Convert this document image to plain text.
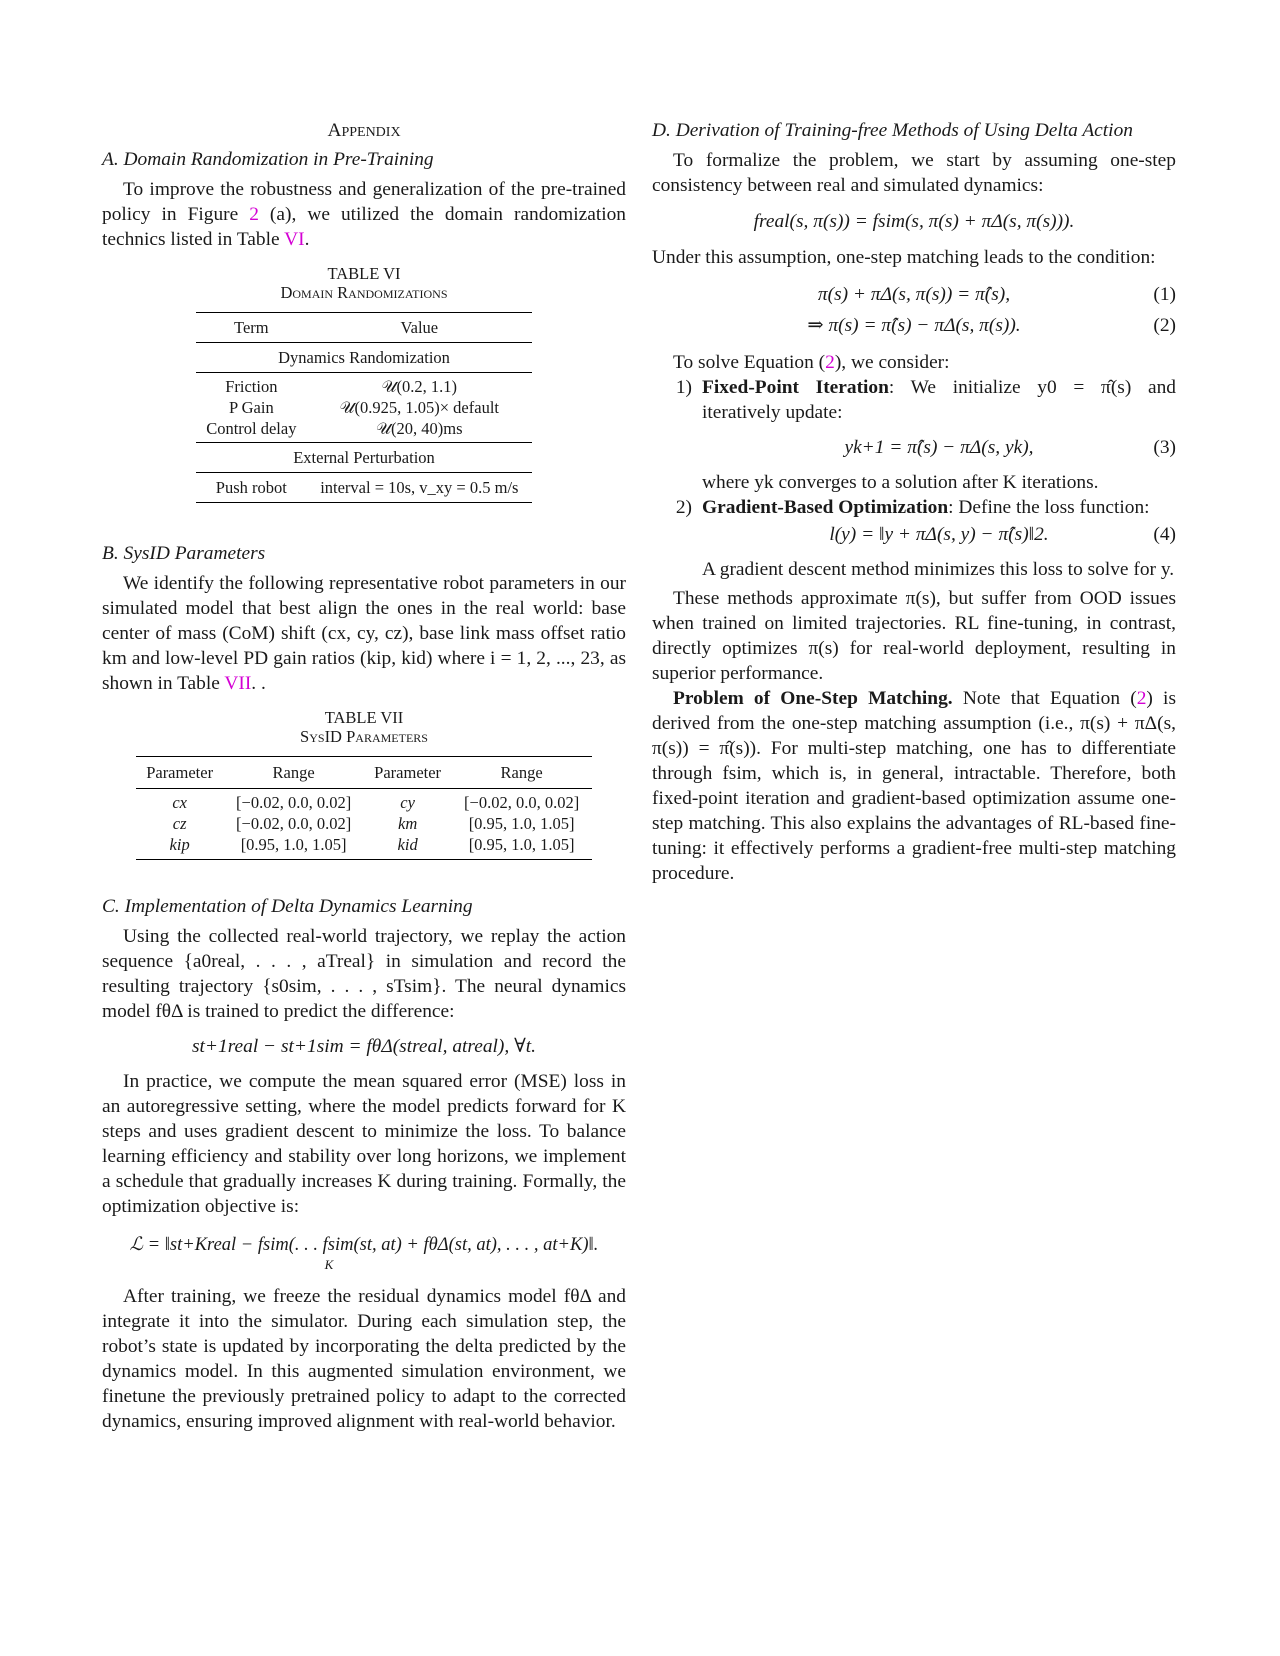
Appendix
A. Domain Randomization in Pre-Training

To improve the robustness and generalization of the pre-trained policy in Figure 2 (a), we utilized the domain randomization technics listed in Table VI.

TABLE VI
Domain Randomizations
Term	Value
Dynamics Randomization	
Friction	𝒰(0.2, 1.1)
P Gain	𝒰(0.925, 1.05)× default
Control delay	𝒰(20, 40)ms
External Perturbation	
Push robot	interval = 10s, v_xy = 0.5 m/s
B. SysID Parameters

We identify the following representative robot parameters in our simulated model that best align the ones in the real world: base center of mass (CoM) shift (cx, cy, cz), base link mass offset ratio km and low-level PD gain ratios (kip, kid) where i = 1, 2, ..., 23, as shown in Table VII. .

TABLE VII
SysID Parameters
Parameter	Range	Parameter	Range
cx	[−0.02, 0.0, 0.02]	cy	[−0.02, 0.0, 0.02]
cz	[−0.02, 0.0, 0.02]	km	[0.95, 1.0, 1.05]
kip	[0.95, 1.0, 1.05]	kid	[0.95, 1.0, 1.05]
C. Implementation of Delta Dynamics Learning

Using the collected real-world trajectory, we replay the action sequence {a0real, . . . , aTreal} in simulation and record the resulting trajectory {s0sim, . . . , sTsim}. The neural dynamics model fθΔ is trained to predict the difference:

st+1real − st+1sim = fθΔ(streal, atreal), ∀t.

In practice, we compute the mean squared error (MSE) loss in an autoregressive setting, where the model predicts forward for K steps and uses gradient descent to minimize the loss. To balance learning efficiency and stability over long horizons, we implement a schedule that gradually increases K during training. Formally, the optimization objective is:

ℒ = ‖st+Kreal − fsim(. . . fsim(st, at) + fθΔ(st, at), . . . , at+K)‖.
K

After training, we freeze the residual dynamics model fθΔ and integrate it into the simulator. During each simulation step, the robot’s state is updated by incorporating the delta predicted by the dynamics model. In this augmented simulation environment, we finetune the previously pretrained policy to adapt to the corrected dynamics, ensuring improved alignment with real-world behavior.

D. Derivation of Training-free Methods of Using Delta Action

To formalize the problem, we start by assuming one-step consistency between real and simulated dynamics:

freal(s, π(s)) = fsim(s, π(s) + πΔ(s, π(s))).

Under this assumption, one-step matching leads to the condition:

π(s) + πΔ(s, π(s)) = π̂(s),	(1)
⇒ π(s) = π̂(s) − πΔ(s, π(s)).	(2)

To solve Equation (2), we consider:

1) Fixed-Point Iteration: We initialize y0 = π̂(s) and iteratively update:

yk+1 = π̂(s) − πΔ(s, yk),	(3)

where yk converges to a solution after K iterations.

2) Gradient-Based Optimization: Define the loss function:

l(y) = ‖y + πΔ(s, y) − π̂(s)‖2.	(4)

A gradient descent method minimizes this loss to solve for y.

These methods approximate π(s), but suffer from OOD issues when trained on limited trajectories. RL fine-tuning, in contrast, directly optimizes π(s) for real-world deployment, resulting in superior performance.

Problem of One-Step Matching. Note that Equation (2) is derived from the one-step matching assumption (i.e., π(s) + πΔ(s, π(s)) = π̂(s)). For multi-step matching, one has to differentiate through fsim, which is, in general, intractable. Therefore, both fixed-point iteration and gradient-based optimization assume one-step matching. This also explains the advantages of RL-based fine-tuning: it effectively performs a gradient-free multi-step matching procedure.
